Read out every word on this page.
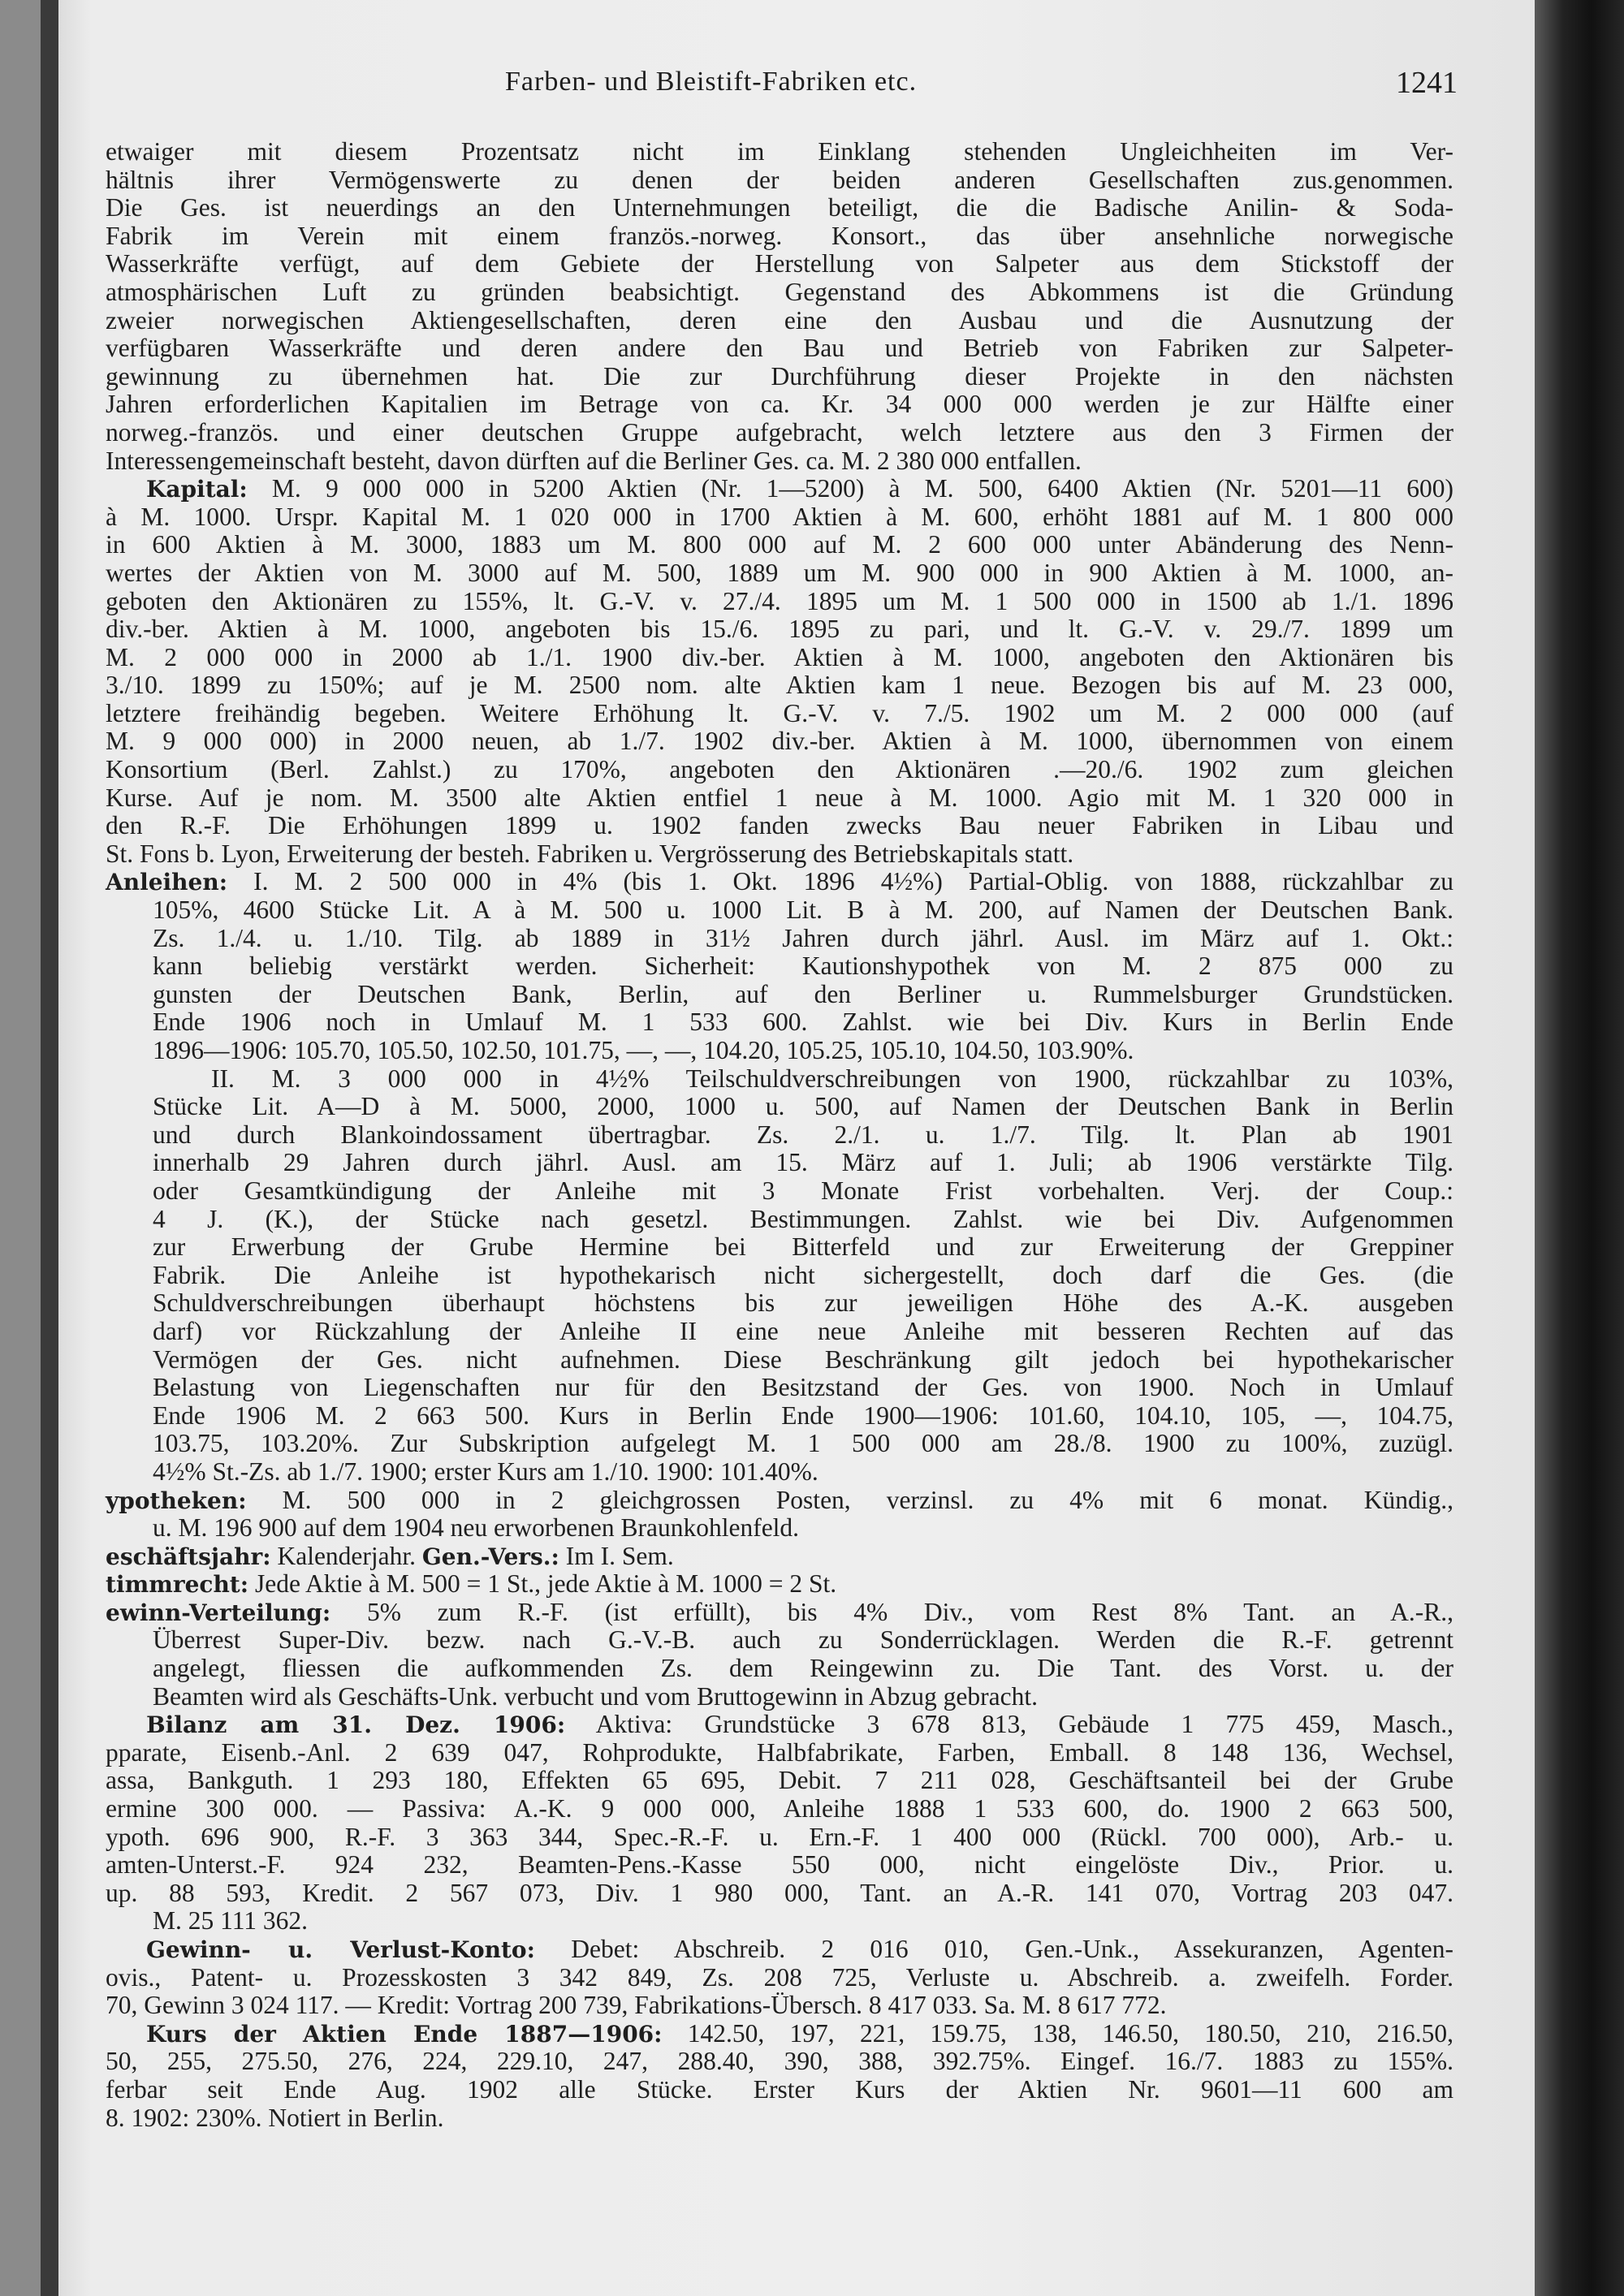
Farben- und Bleistift-Fabriken etc.	1241
etwaiger mit diesem Prozentsatz nicht im Einklang stehenden Ungleichheiten im Ver-
hältnis ihrer Vermögenswerte zu denen der beiden anderen Gesellschaften zus.genommen.
Die Ges. ist neuerdings an den Unternehmungen beteiligt, die die Badische Anilin- & Soda-
Fabrik im Verein mit einem französ.-norweg. Konsort., das über ansehnliche norwegische
Wasserkräfte verfügt, auf dem Gebiete der Herstellung von Salpeter aus dem Stickstoff der
atmosphärischen Luft zu gründen beabsichtigt. Gegenstand des Abkommens ist die Gründung
zweier norwegischen Aktiengesellschaften, deren eine den Ausbau und die Ausnutzung der
verfügbaren Wasserkräfte und deren andere den Bau und Betrieb von Fabriken zur Salpeter-
gewinnung zu übernehmen hat. Die zur Durchführung dieser Projekte in den nächsten
Jahren erforderlichen Kapitalien im Betrage von ca. Kr. 34 000 000 werden je zur Hälfte einer
norweg.-französ. und einer deutschen Gruppe aufgebracht, welch letztere aus den 3 Firmen der
Interessengemeinschaft besteht, davon dürften auf die Berliner Ges. ca. M. 2 380 000 entfallen.
Kapital: M. 9 000 000 in 5200 Aktien (Nr. 1—5200) à M. 500, 6400 Aktien (Nr. 5201—11 600)
à M. 1000. Urspr. Kapital M. 1 020 000 in 1700 Aktien à M. 600, erhöht 1881 auf M. 1 800 000
in 600 Aktien à M. 3000, 1883 um M. 800 000 auf M. 2 600 000 unter Abänderung des Nenn-
wertes der Aktien von M. 3000 auf M. 500, 1889 um M. 900 000 in 900 Aktien à M. 1000, an-
geboten den Aktionären zu 155%, lt. G.-V. v. 27./4. 1895 um M. 1 500 000 in 1500 ab 1./1. 1896
div.-ber. Aktien à M. 1000, angeboten bis 15./6. 1895 zu pari, und lt. G.-V. v. 29./7. 1899 um
M. 2 000 000 in 2000 ab 1./1. 1900 div.-ber. Aktien à M. 1000, angeboten den Aktionären bis
3./10. 1899 zu 150%; auf je M. 2500 nom. alte Aktien kam 1 neue. Bezogen bis auf M. 23 000,
letztere freihändig begeben. Weitere Erhöhung lt. G.-V. v. 7./5. 1902 um M. 2 000 000 (auf
M. 9 000 000) in 2000 neuen, ab 1./7. 1902 div.-ber. Aktien à M. 1000, übernommen von einem
Konsortium (Berl. Zahlst.) zu 170%, angeboten den Aktionären .—20./6. 1902 zum gleichen
Kurse. Auf je nom. M. 3500 alte Aktien entfiel 1 neue à M. 1000. Agio mit M. 1 320 000 in
den R.-F. Die Erhöhungen 1899 u. 1902 fanden zwecks Bau neuer Fabriken in Libau und
St. Fons b. Lyon, Erweiterung der besteh. Fabriken u. Vergrösserung des Betriebskapitals statt.
Anleihen: I. M. 2 500 000 in 4% (bis 1. Okt. 1896 4½%) Partial-Oblig. von 1888, rückzahlbar zu
105%, 4600 Stücke Lit. A à M. 500 u. 1000 Lit. B à M. 200, auf Namen der Deutschen Bank.
Zs. 1./4. u. 1./10. Tilg. ab 1889 in 31½ Jahren durch jährl. Ausl. im März auf 1. Okt.:
kann beliebig verstärkt werden. Sicherheit: Kautionshypothek von M. 2 875 000 zu
gunsten der Deutschen Bank, Berlin, auf den Berliner u. Rummelsburger Grundstücken.
Ende 1906 noch in Umlauf M. 1 533 600. Zahlst. wie bei Div. Kurs in Berlin Ende
1896—1906: 105.70, 105.50, 102.50, 101.75, —, —, 104.20, 105.25, 105.10, 104.50, 103.90%.
II. M. 3 000 000 in 4½% Teilschuldverschreibungen von 1900, rückzahlbar zu 103%,
Stücke Lit. A—D à M. 5000, 2000, 1000 u. 500, auf Namen der Deutschen Bank in Berlin
und durch Blankoindossament übertragbar. Zs. 2./1. u. 1./7. Tilg. lt. Plan ab 1901
innerhalb 29 Jahren durch jährl. Ausl. am 15. März auf 1. Juli; ab 1906 verstärkte Tilg.
oder Gesamtkündigung der Anleihe mit 3 Monate Frist vorbehalten. Verj. der Coup.:
4 J. (K.), der Stücke nach gesetzl. Bestimmungen. Zahlst. wie bei Div. Aufgenommen
zur Erwerbung der Grube Hermine bei Bitterfeld und zur Erweiterung der Greppiner
Fabrik. Die Anleihe ist hypothekarisch nicht sichergestellt, doch darf die Ges. (die
Schuldverschreibungen überhaupt höchstens bis zur jeweiligen Höhe des A.-K. ausgeben
darf) vor Rückzahlung der Anleihe II eine neue Anleihe mit besseren Rechten auf das
Vermögen der Ges. nicht aufnehmen. Diese Beschränkung gilt jedoch bei hypothekarischer
Belastung von Liegenschaften nur für den Besitzstand der Ges. von 1900. Noch in Umlauf
Ende 1906 M. 2 663 500. Kurs in Berlin Ende 1900—1906: 101.60, 104.10, 105, —, 104.75,
103.75, 103.20%. Zur Subskription aufgelegt M. 1 500 000 am 28./8. 1900 zu 100%, zuzügl.
4½% St.-Zs. ab 1./7. 1900; erster Kurs am 1./10. 1900: 101.40%.
ypotheken: M. 500 000 in 2 gleichgrossen Posten, verzinsl. zu 4% mit 6 monat. Kündig.,
u. M. 196 900 auf dem 1904 neu erworbenen Braunkohlenfeld.
eschäftsjahr: Kalenderjahr. Gen.-Vers.: Im I. Sem.
timmrecht: Jede Aktie à M. 500 = 1 St., jede Aktie à M. 1000 = 2 St.
ewinn-Verteilung: 5% zum R.-F. (ist erfüllt), bis 4% Div., vom Rest 8% Tant. an A.-R.,
Überrest Super-Div. bezw. nach G.-V.-B. auch zu Sonderrücklagen. Werden die R.-F. getrennt
angelegt, fliessen die aufkommenden Zs. dem Reingewinn zu. Die Tant. des Vorst. u. der
Beamten wird als Geschäfts-Unk. verbucht und vom Bruttogewinn in Abzug gebracht.
Bilanz am 31. Dez. 1906: Aktiva: Grundstücke 3 678 813, Gebäude 1 775 459, Masch.,
pparate, Eisenb.-Anl. 2 639 047, Rohprodukte, Halbfabrikate, Farben, Emball. 8 148 136, Wechsel,
assa, Bankguth. 1 293 180, Effekten 65 695, Debit. 7 211 028, Geschäftsanteil bei der Grube
ermine 300 000. — Passiva: A.-K. 9 000 000, Anleihe 1888 1 533 600, do. 1900 2 663 500,
ypoth. 696 900, R.-F. 3 363 344, Spec.-R.-F. u. Ern.-F. 1 400 000 (Rückl. 700 000), Arb.- u.
amten-Unterst.-F. 924 232, Beamten-Pens.-Kasse 550 000, nicht eingelöste Div., Prior. u.
up. 88 593, Kredit. 2 567 073, Div. 1 980 000, Tant. an A.-R. 141 070, Vortrag 203 047.
M. 25 111 362.
Gewinn- u. Verlust-Konto: Debet: Abschreib. 2 016 010, Gen.-Unk., Assekuranzen, Agenten-
ovis., Patent- u. Prozesskosten 3 342 849, Zs. 208 725, Verluste u. Abschreib. a. zweifelh. Forder.
70, Gewinn 3 024 117. — Kredit: Vortrag 200 739, Fabrikations-Übersch. 8 417 033. Sa. M. 8 617 772.
Kurs der Aktien Ende 1887—1906: 142.50, 197, 221, 159.75, 138, 146.50, 180.50, 210, 216.50,
50, 255, 275.50, 276, 224, 229.10, 247, 288.40, 390, 388, 392.75%. Eingef. 16./7. 1883 zu 155%.
ferbar seit Ende Aug. 1902 alle Stücke. Erster Kurs der Aktien Nr. 9601—11 600 am
8. 1902: 230%. Notiert in Berlin.
